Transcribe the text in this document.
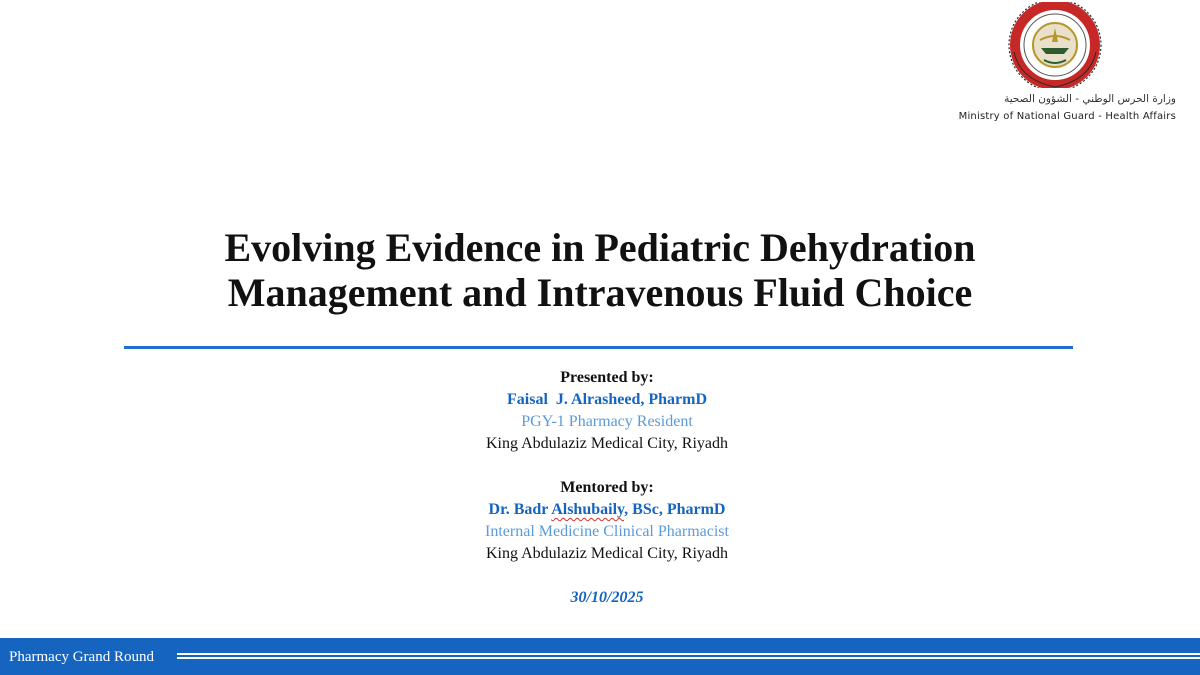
وزارة الحرس الوطني - الشؤون الصحية
Ministry of National Guard - Health Affairs
Evolving Evidence in Pediatric Dehydration
Management and Intravenous Fluid Choice
Presented by:
Faisal  J. Alrasheed, PharmD
PGY-1 Pharmacy Resident
King Abdulaziz Medical City, Riyadh
Mentored by:
Dr. Badr Alshubaily, BSc, PharmD
Internal Medicine Clinical Pharmacist
King Abdulaziz Medical City, Riyadh
30/10/2025
Pharmacy Grand Round
